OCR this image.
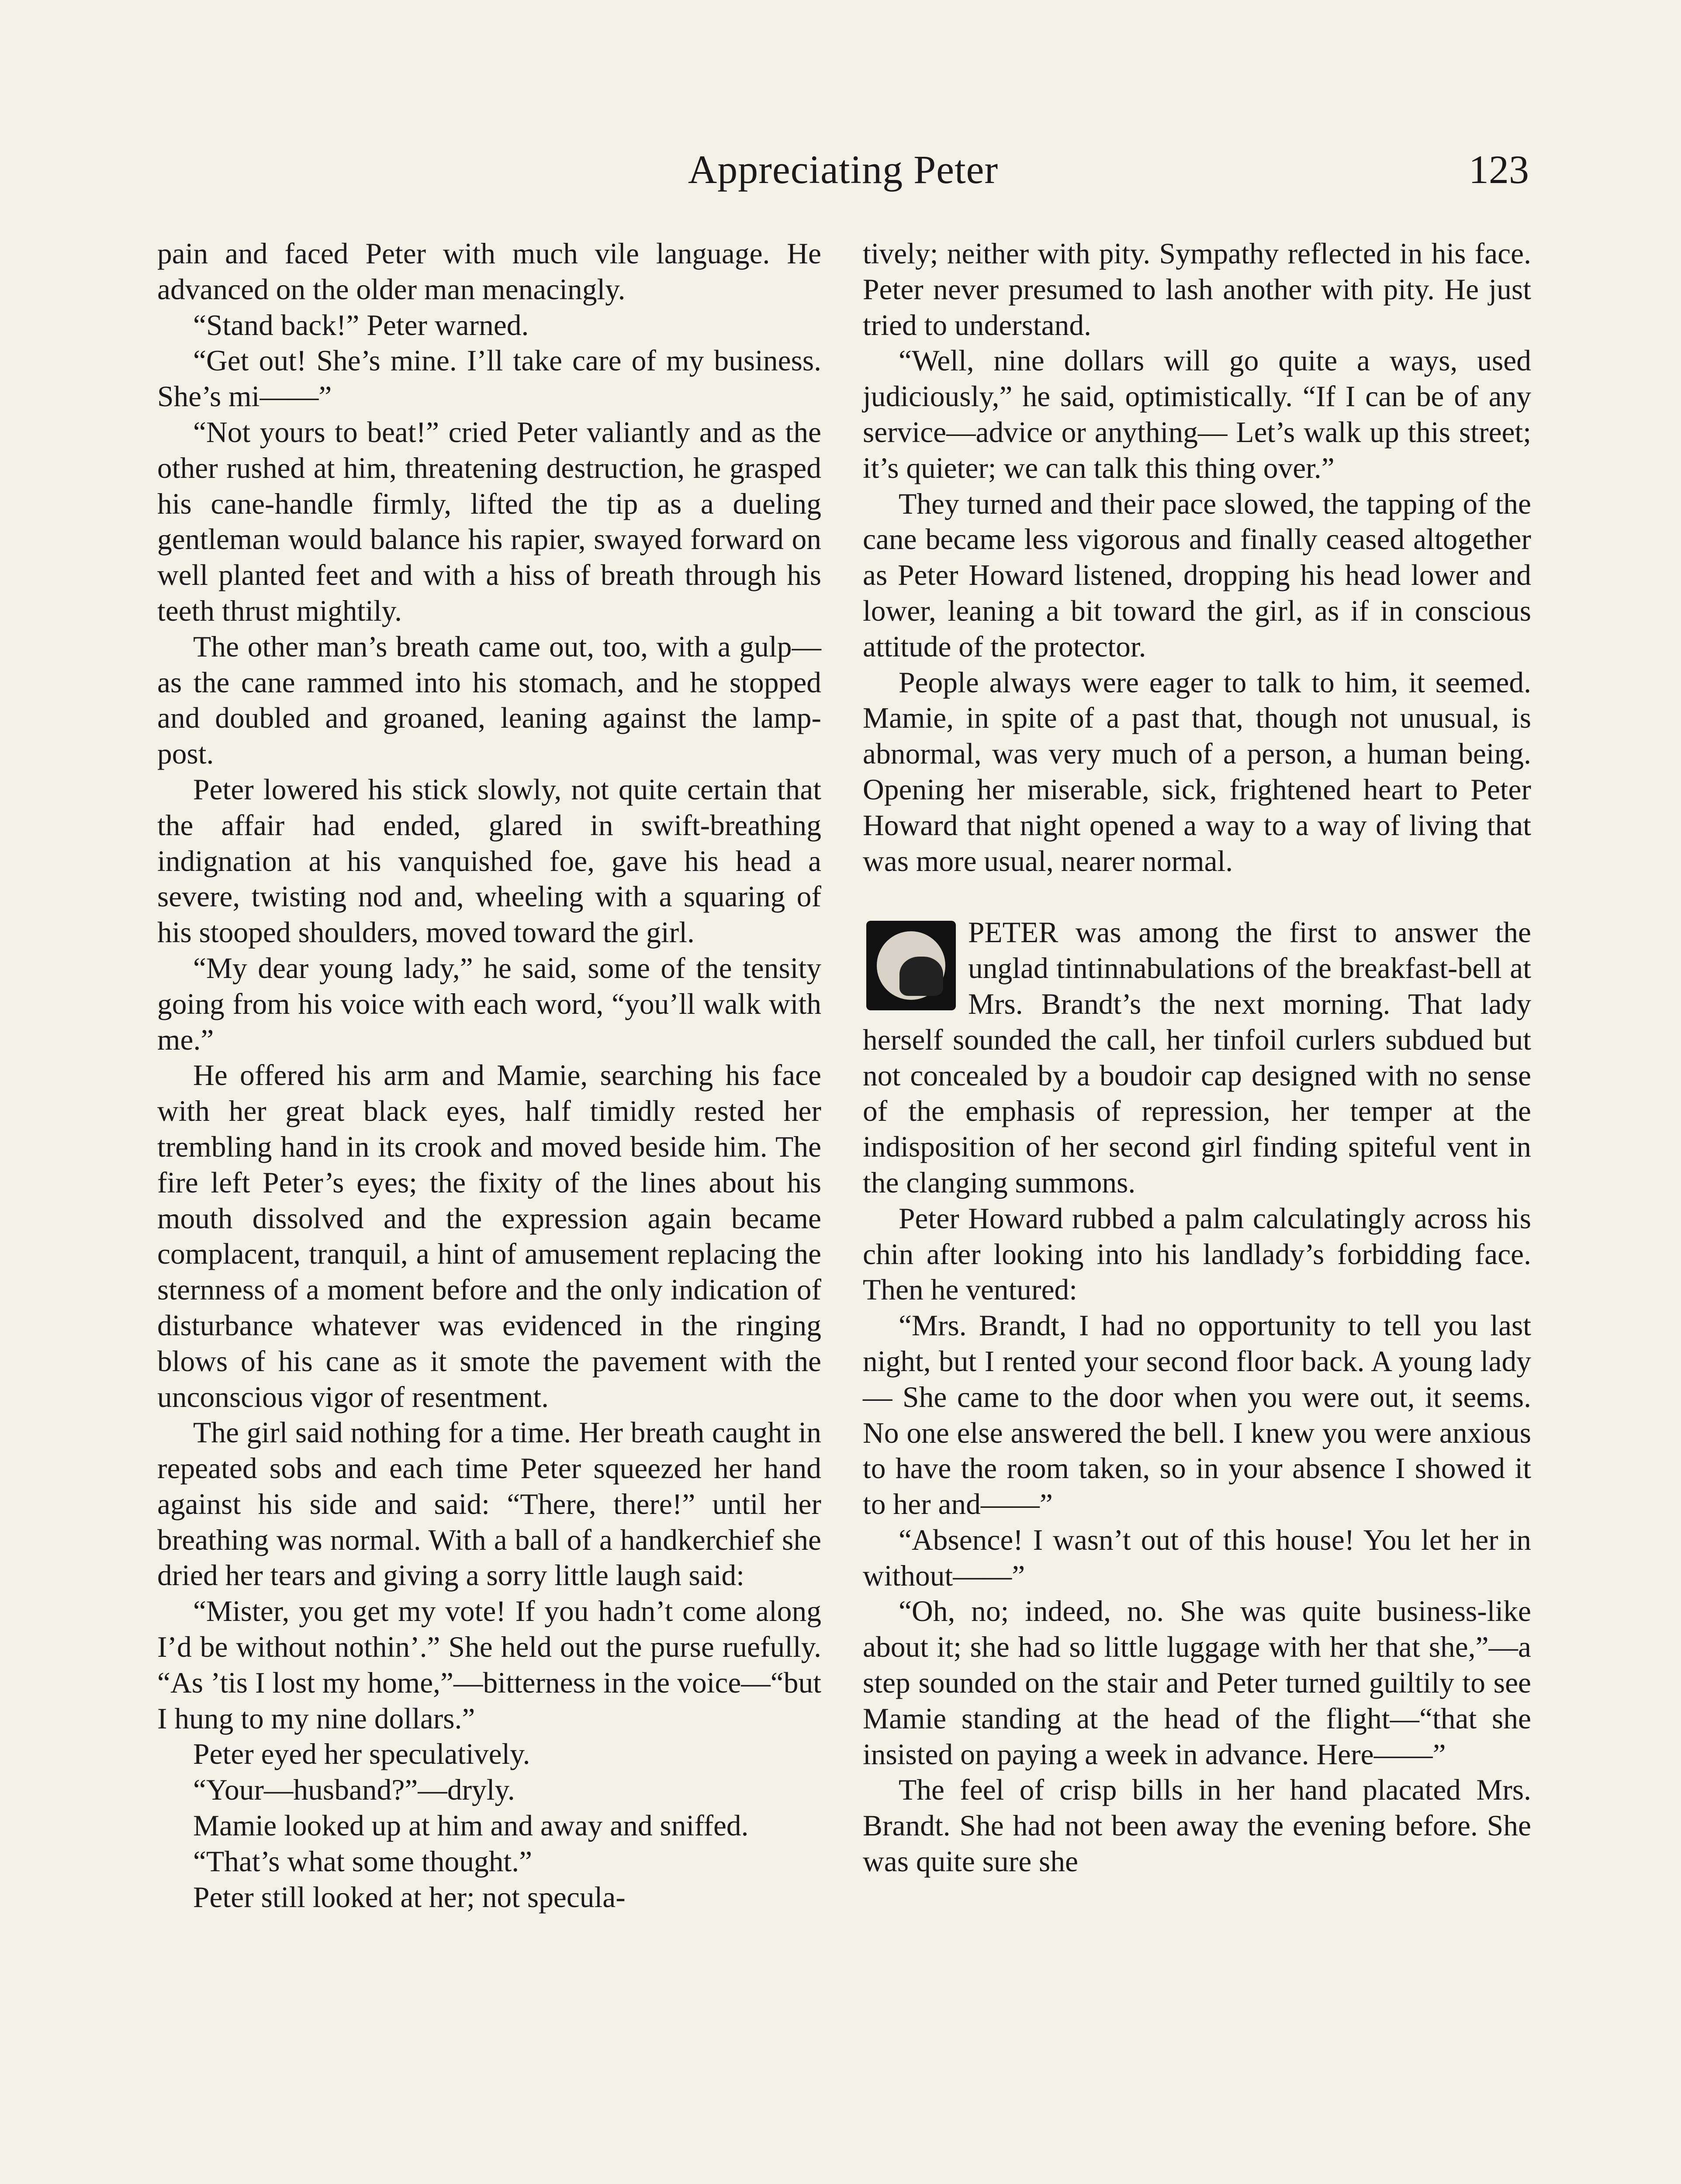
Appreciating Peter	123

pain and faced Peter with much vile language. He advanced on the older man menacingly.

“Stand back!” Peter warned.

“Get out! She’s mine. I’ll take care of my business. She’s mi——”

“Not yours to beat!” cried Peter valiantly and as the other rushed at him, threatening destruction, he grasped his cane-handle firmly, lifted the tip as a dueling gentleman would balance his rapier, swayed forward on well planted feet and with a hiss of breath through his teeth thrust mightily.

The other man’s breath came out, too, with a gulp—as the cane rammed into his stomach, and he stopped and doubled and groaned, leaning against the lamp-post.

Peter lowered his stick slowly, not quite certain that the affair had ended, glared in swift-breathing indignation at his vanquished foe, gave his head a severe, twisting nod and, wheeling with a squaring of his stooped shoulders, moved toward the girl.

“My dear young lady,” he said, some of the tensity going from his voice with each word, “you’ll walk with me.”

He offered his arm and Mamie, searching his face with her great black eyes, half timidly rested her trembling hand in its crook and moved beside him. The fire left Peter’s eyes; the fixity of the lines about his mouth dissolved and the expression again became complacent, tranquil, a hint of amusement replacing the sternness of a moment before and the only indication of disturbance whatever was evidenced in the ringing blows of his cane as it smote the pavement with the unconscious vigor of resentment.

The girl said nothing for a time. Her breath caught in repeated sobs and each time Peter squeezed her hand against his side and said: “There, there!” until her breathing was normal. With a ball of a handkerchief she dried her tears and giving a sorry little laugh said:

“Mister, you get my vote! If you hadn’t come along I’d be without nothin’.” She held out the purse ruefully. “As ’tis I lost my home,”—bitterness in the voice—“but I hung to my nine dollars.”

Peter eyed her speculatively.

“Your—husband?”—dryly.

Mamie looked up at him and away and sniffed.

“That’s what some thought.”

Peter still looked at her; not specula-

tively; neither with pity. Sympathy reflected in his face. Peter never presumed to lash another with pity. He just tried to understand.

“Well, nine dollars will go quite a ways, used judiciously,” he said, optimistically. “If I can be of any service—advice or anything— Let’s walk up this street; it’s quieter; we can talk this thing over.”

They turned and their pace slowed, the tapping of the cane became less vigorous and finally ceased altogether as Peter Howard listened, dropping his head lower and lower, leaning a bit toward the girl, as if in conscious attitude of the protector.

People always were eager to talk to him, it seemed. Mamie, in spite of a past that, though not unusual, is abnormal, was very much of a person, a human being. Opening her miserable, sick, frightened heart to Peter Howard that night opened a way to a way of living that was more usual, nearer normal.

PETER was among the first to answer the unglad tintinnabulations of the breakfast-bell at Mrs. Brandt’s the next morning. That lady herself sounded the call, her tinfoil curlers subdued but not concealed by a boudoir cap designed with no sense of the emphasis of repression, her temper at the indisposition of her second girl finding spiteful vent in the clanging summons.

Peter Howard rubbed a palm calculatingly across his chin after looking into his landlady’s forbidding face. Then he ventured:

“Mrs. Brandt, I had no opportunity to tell you last night, but I rented your second floor back. A young lady— She came to the door when you were out, it seems. No one else answered the bell. I knew you were anxious to have the room taken, so in your absence I showed it to her and——”

“Absence! I wasn’t out of this house! You let her in without——”

“Oh, no; indeed, no. She was quite business-like about it; she had so little luggage with her that she,”—a step sounded on the stair and Peter turned guiltily to see Mamie standing at the head of the flight—“that she insisted on paying a week in advance. Here——”

The feel of crisp bills in her hand placated Mrs. Brandt. She had not been away the evening before. She was quite sure she
